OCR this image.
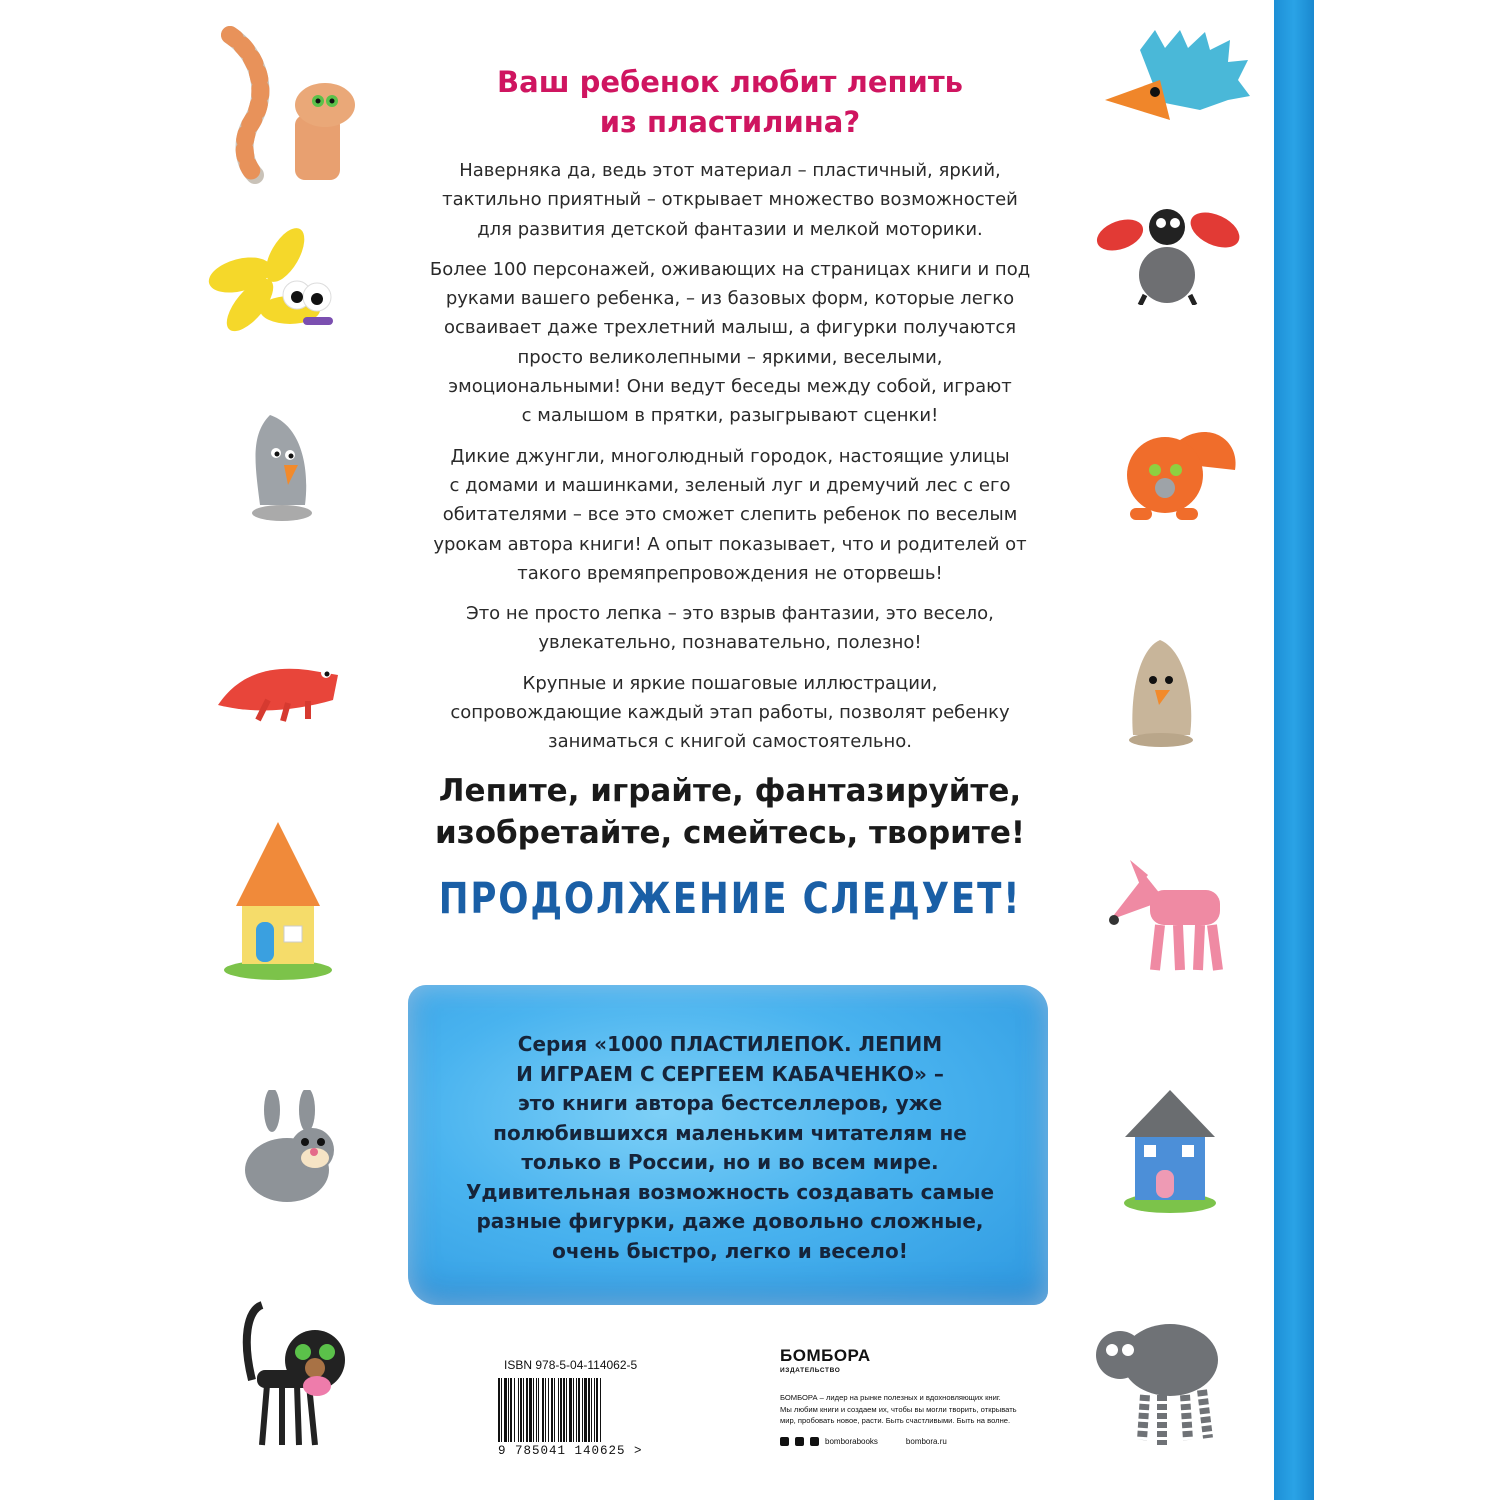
Ваш ребенок любит лепить
из пластилина?

Наверняка да, ведь этот материал – пластичный, яркий,
тактильно приятный – открывает множество возможностей
для развития детской фантазии и мелкой моторики.

Более 100 персонажей, оживающих на страницах книги и под
руками вашего ребенка, – из базовых форм, которые легко
осваивает даже трехлетний малыш, а фигурки получаются
просто великолепными – яркими, веселыми,
эмоциональными! Они ведут беседы между собой, играют
с малышом в прятки, разыгрывают сценки!

Дикие джунгли, многолюдный городок, настоящие улицы
с домами и машинками, зеленый луг и дремучий лес с его
обитателями – все это сможет слепить ребенок по веселым
урокам автора книги! А опыт показывает, что и родителей от
такого времяпрепровождения не оторвешь!

Это не просто лепка – это взрыв фантазии, это весело,
увлекательно, познавательно, полезно!

Крупные и яркие пошаговые иллюстрации,
сопровождающие каждый этап работы, позволят ребенку
заниматься с книгой самостоятельно.

Лепите, играйте, фантазируйте,
изобретайте, смейтесь, творите!
ПРОДОЛЖЕНИЕ СЛЕДУЕТ!
Серия «1000 ПЛАСТИЛЕПОК. ЛЕПИМ
И ИГРАЕМ С СЕРГЕЕМ КАБАЧЕНКО» –
это книги автора бестселлеров, уже
полюбившихся маленьким читателям не
только в России, но и во всем мире.
Удивительная возможность создавать самые
разные фигурки, даже довольно сложные,
очень быстро, легко и весело!
ISBN 978-5-04-114062-5
9 785041 140625 >
БОМБОРА
ИЗДАТЕЛЬСТВО
БОМБОРА – лидер на рынке полезных и вдохновляющих книг.
Мы любим книги и создаем их, чтобы вы могли творить, открывать
мир, пробовать новое, расти. Быть счастливыми. Быть на волне.
bomborabooks	bombora.ru
